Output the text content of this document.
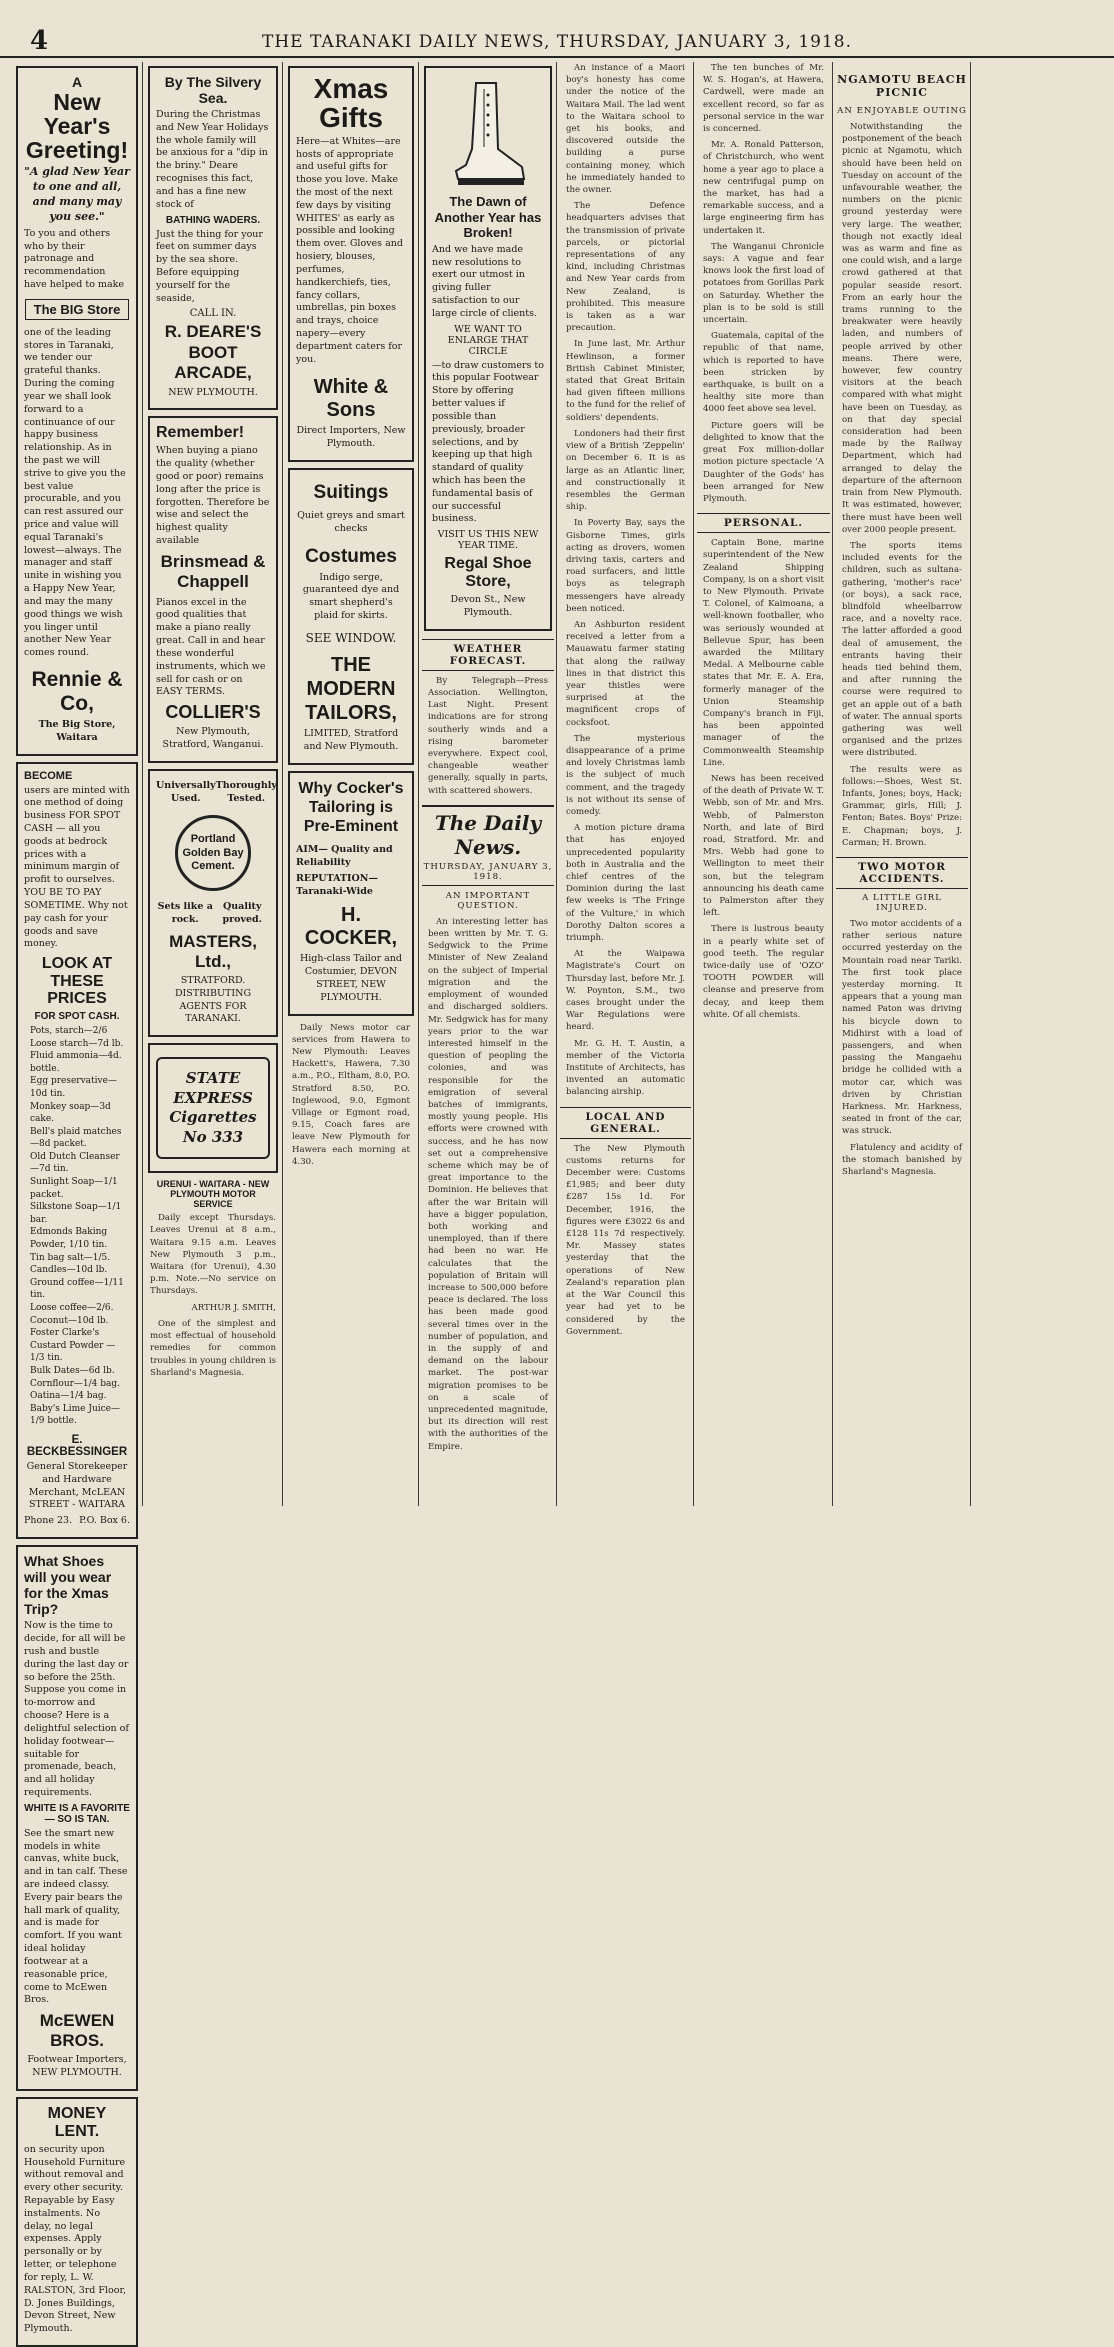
4	THE TARANAKI DAILY NEWS, THURSDAY, JANUARY 3, 1918.
A
New Year's Greeting!

"A glad New Year to one and all, and many may you see."

To you and others who by their patronage and recommendation have helped to make

The BIG Store

one of the leading stores in Taranaki, we tender our grateful thanks. During the coming year we shall look forward to a continuance of our happy business relationship. As in the past we will strive to give you the best value procurable, and you can rest assured our price and value will equal Taranaki's lowest—always. The manager and staff unite in wishing you a Happy New Year, and may the many good things we wish you linger until another New Year comes round.

Rennie & Co,

The Big Store, Waitara

BECOME

users are minted with one method of doing business FOR SPOT CASH — all you goods at bedrock prices with a minimum margin of profit to ourselves. YOU BE TO PAY SOMETIME. Why not pay cash for your goods and save money.

LOOK AT THESE PRICES
FOR SPOT CASH.
Pots, starch—2/6
Loose starch—7d lb.
Fluid ammonia—4d. bottle.
Egg preservative—10d tin.
Monkey soap—3d cake.
Bell's plaid matches—8d packet.
Old Dutch Cleanser—7d tin.
Sunlight Soap—1/1 packet.
Silkstone Soap—1/1 bar.
Edmonds Baking Powder, 1/10 tin.
Tin bag salt—1/5.
Candles—10d lb.
Ground coffee—1/11 tin.
Loose coffee—2/6.
Coconut—10d lb.
Foster Clarke's Custard Powder —1/3 tin.
Bulk Dates—6d lb.
Cornflour—1/4 bag.
Oatina—1/4 bag.
Baby's Lime Juice—1/9 bottle.
E. BECKBESSINGER

General Storekeeper and Hardware Merchant, McLEAN STREET - WAITARA

Phone 23. P.O. Box 6.

What Shoes will you wear for the Xmas Trip?

Now is the time to decide, for all will be rush and bustle during the last day or so before the 25th. Suppose you come in to-morrow and choose? Here is a delightful selection of holiday footwear—suitable for promenade, beach, and all holiday requirements.

WHITE IS A FAVORITE — SO IS TAN.

See the smart new models in white canvas, white buck, and in tan calf. These are indeed classy. Every pair bears the hall mark of quality, and is made for comfort. If you want ideal holiday footwear at a reasonable price, come to McEwen Bros.

McEWEN BROS.

Footwear Importers, NEW PLYMOUTH.

MONEY LENT.

on security upon Household Furniture without removal and every other security. Repayable by Easy instalments. No delay, no legal expenses. Apply personally or by letter, or telephone for reply, L. W. RALSTON, 3rd Floor, D. Jones Buildings, Devon Street, New Plymouth.

By The Silvery Sea.

During the Christmas and New Year Holidays the whole family will be anxious for a "dip in the briny." Deare recognises this fact, and has a fine new stock of

BATHING WADERS.

Just the thing for your feet on summer days by the sea shore. Before equipping yourself for the seaside,

CALL IN.
R. DEARE'S BOOT ARCADE,

NEW PLYMOUTH.

Remember!

When buying a piano the quality (whether good or poor) remains long after the price is forgotten. Therefore be wise and select the highest quality available

Brinsmead & Chappell

Pianos excel in the good qualities that make a piano really great. Call in and hear these wonderful instruments, which we sell for cash or on EASY TERMS.

COLLIER'S

New Plymouth, Stratford, Wanganui.

Universally Used.
Thoroughly Tested.

Portland Golden Bay Cement.

Sets like a rock.
Quality proved.

MASTERS, Ltd.,

STRATFORD. DISTRIBUTING AGENTS FOR TARANAKI.

STATE EXPRESS Cigarettes No 333
URENUI - WAITARA - NEW PLYMOUTH MOTOR SERVICE

Daily except Thursdays. Leaves Urenui at 8 a.m., Waitara 9.15 a.m. Leaves New Plymouth 3 p.m., Waitara (for Urenui), 4.30 p.m. Note.—No service on Thursdays.

ARTHUR J. SMITH,

One of the simplest and most effectual of household remedies for common troubles in young children is Sharland's Magnesia.

Xmas Gifts

Here—at Whites—are hosts of appropriate and useful gifts for those you love. Make the most of the next few days by visiting WHITES' as early as possible and looking them over. Gloves and hosiery, blouses, perfumes, handkerchiefs, ties, fancy collars, umbrellas, pin boxes and trays, choice napery—every department caters for you.

White & Sons

Direct Importers, New Plymouth.

Suitings

Quiet greys and smart checks

Costumes

Indigo serge, guaranteed dye and smart shepherd's plaid for skirts.

SEE WINDOW.
THE MODERN TAILORS,

LIMITED, Stratford and New Plymouth.

Why Cocker's Tailoring is Pre-Eminent

AIM— Quality and Reliability

REPUTATION— Taranaki-Wide

H. COCKER,

High-class Tailor and Costumier, DEVON STREET, NEW PLYMOUTH.

Daily News motor car services from Hawera to New Plymouth: Leaves Hackett's, Hawera, 7.30 a.m., P.O., Eltham, 8.0, P.O. Stratford 8.50, P.O. Inglewood, 9.0, Egmont Village or Egmont road, 9.15, Coach fares are leave New Plymouth for Hawera each morning at 4.30.

The Dawn of Another Year has Broken!

And we have made new resolutions to exert our utmost in giving fuller satisfaction to our large circle of clients.

WE WANT TO ENLARGE THAT CIRCLE

—to draw customers to this popular Footwear Store by offering better values if possible than previously, broader selections, and by keeping up that high standard of quality which has been the fundamental basis of our successful business.

VISIT US THIS NEW YEAR TIME.
Regal Shoe Store,

Devon St., New Plymouth.

WEATHER FORECAST.

By Telegraph—Press Association. Wellington, Last Night. Present indications are for strong southerly winds and a rising barometer everywhere. Expect cool, changeable weather generally, squally in parts, with scattered showers.

The Daily News.
THURSDAY, JANUARY 3, 1918.
AN IMPORTANT QUESTION.

An interesting letter has been written by Mr. T. G. Sedgwick to the Prime Minister of New Zealand on the subject of Imperial migration and the employment of wounded and discharged soldiers. Mr. Sedgwick has for many years prior to the war interested himself in the question of peopling the colonies, and was responsible for the emigration of several batches of immigrants, mostly young people. His efforts were crowned with success, and he has now set out a comprehensive scheme which may be of great importance to the Dominion. He believes that after the war Britain will have a bigger population, both working and unemployed, than if there had been no war. He calculates that the population of Britain will increase to 500,000 before peace is declared. The loss has been made good several times over in the number of population, and in the supply of and demand on the labour market. The post-war migration promises to be on a scale of unprecedented magnitude, but its direction will rest with the authorities of the Empire.

An instance of a Maori boy's honesty has come under the notice of the Waitara Mail. The lad went to the Waitara school to get his books, and discovered outside the building a purse containing money, which he immediately handed to the owner.

The Defence headquarters advises that the transmission of private parcels, or pictorial representations of any kind, including Christmas and New Year cards from New Zealand, is prohibited. This measure is taken as a war precaution.

In June last, Mr. Arthur Hewlinson, a former British Cabinet Minister, stated that Great Britain had given fifteen millions to the fund for the relief of soldiers' dependents.

Londoners had their first view of a British 'Zeppelin' on December 6. It is as large as an Atlantic liner, and constructionally it resembles the German ship.

In Poverty Bay, says the Gisborne Times, girls acting as drovers, women driving taxis, carters and road surfacers, and little boys as telegraph messengers have already been noticed.

An Ashburton resident received a letter from a Mauawatu farmer stating that along the railway lines in that district this year thistles were surprised at the magnificent crops of cocksfoot.

The mysterious disappearance of a prime and lovely Christmas lamb is the subject of much comment, and the tragedy is not without its sense of comedy.

A motion picture drama that has enjoyed unprecedented popularity both in Australia and the chief centres of the Dominion during the last few weeks is 'The Fringe of the Vulture,' in which Dorothy Dalton scores a triumph.

At the Waipawa Magistrate's Court on Thursday last, before Mr. J. W. Poynton, S.M., two cases brought under the War Regulations were heard.

Mr. G. H. T. Austin, a member of the Victoria Institute of Architects, has invented an automatic balancing airship.

LOCAL AND GENERAL.

The New Plymouth customs returns for December were: Customs £1,985; and beer duty £287 15s 1d. For December, 1916, the figures were £3022 6s and £128 11s 7d respectively. Mr. Massey states yesterday that the operations of New Zealand's reparation plan at the War Council this year had yet to be considered by the Government.

The ten bunches of Mr. W. S. Hogan's, at Hawera, Cardwell, were made an excellent record, so far as personal service in the war is concerned.

Mr. A. Ronald Patterson, of Christchurch, who went home a year ago to place a new centrifugal pump on the market, has had a remarkable success, and a large engineering firm has undertaken it.

The Wanganui Chronicle says: A vague and fear knows look the first load of potatoes from Gorillas Park on Saturday. Whether the plan is to be sold is still uncertain.

Guatemala, capital of the republic of that name, which is reported to have been stricken by earthquake, is built on a healthy site more than 4000 feet above sea level.

Picture goers will be delighted to know that the great Fox million-dollar motion picture spectacle 'A Daughter of the Gods' has been arranged for New Plymouth.

PERSONAL.

Captain Bone, marine superintendent of the New Zealand Shipping Company, is on a short visit to New Plymouth. Private T. Colonel, of Kaimoana, a well-known footballer, who was seriously wounded at Bellevue Spur, has been awarded the Military Medal. A Melbourne cable states that Mr. E. A. Era, formerly manager of the Union Steamship Company's branch in Fiji, has been appointed manager of the Commonwealth Steamship Line.

News has been received of the death of Private W. T. Webb, son of Mr. and Mrs. Webb, of Palmerston North, and late of Bird road, Stratford. Mr. and Mrs. Webb had gone to Wellington to meet their son, but the telegram announcing his death came to Palmerston after they left.

There is lustrous beauty in a pearly white set of good teeth. The regular twice-daily use of 'OZO' TOOTH POWDER will cleanse and preserve from decay, and keep them white. Of all chemists.

NGAMOTU BEACH PICNIC
AN ENJOYABLE OUTING

Notwithstanding the postponement of the beach picnic at Ngamotu, which should have been held on Tuesday on account of the unfavourable weather, the numbers on the picnic ground yesterday were very large. The weather, though not exactly ideal was as warm and fine as one could wish, and a large crowd gathered at that popular seaside resort. From an early hour the trams running to the breakwater were heavily laden, and numbers of people arrived by other means. There were, however, few country visitors at the beach compared with what might have been on Tuesday, as on that day special consideration had been made by the Railway Department, which had arranged to delay the departure of the afternoon train from New Plymouth. It was estimated, however, there must have been well over 2000 people present.

The sports items included events for the children, such as sultana-gathering, 'mother's race' (or boys), a sack race, blindfold wheelbarrow race, and a novelty race. The latter afforded a good deal of amusement, the entrants having their heads tied behind them, and after running the course were required to get an apple out of a bath of water. The annual sports gathering was well organised and the prizes were distributed.

The results were as follows:—Shoes, West St. Infants, Jones; boys, Hack; Grammar, girls, Hill; J. Fenton; Bates. Boys' Prize: E. Chapman; boys, J. Carman; H. Brown.

TWO MOTOR ACCIDENTS.
A LITTLE GIRL INJURED.

Two motor accidents of a rather serious nature occurred yesterday on the Mountain road near Tariki. The first took place yesterday morning. It appears that a young man named Paton was driving his bicycle down to Midhirst with a load of passengers, and when passing the Mangaehu bridge he collided with a motor car, which was driven by Christian Harkness. Mr. Harkness, seated in front of the car, was struck.

Flatulency and acidity of the stomach banished by Sharland's Magnesia.
